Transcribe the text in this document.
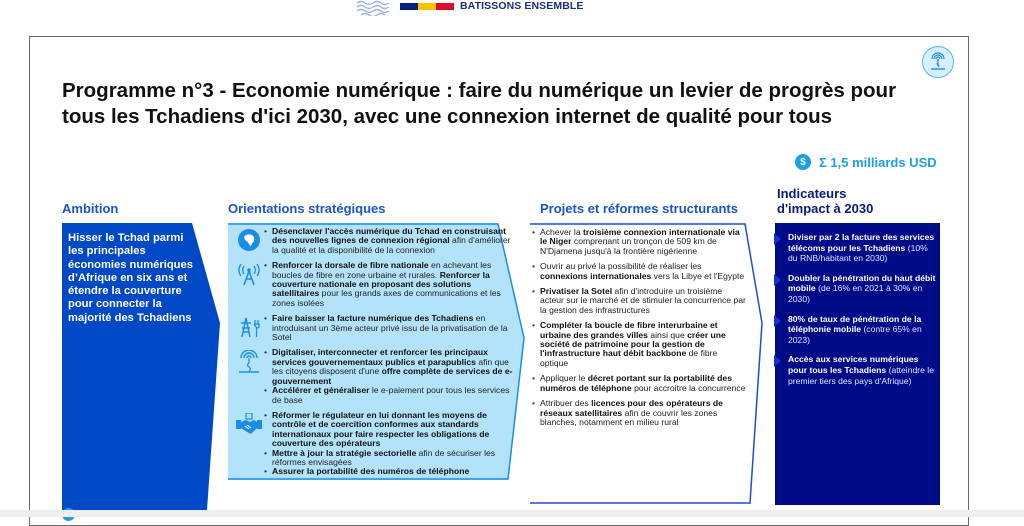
BATISSONS ENSEMBLE
Programme n°3 - Economie numérique : faire du numérique un levier de progrès pour
tous les Tchadiens d'ici 2030, avec une connexion internet de qualité pour tous
$	Σ 1,5 milliards USD
Ambition	Orientations stratégiques	Projets et réformes structurants
Indicateurs
d'impact à 2030
Hisser le Tchad parmi les principales économies numériques d’Afrique en six ans et étendre la couverture pour connecter la majorité des Tchadiens
• Désenclaver l'accès numérique du Tchad en construisant des nouvelles lignes de connexion régional afin d'améliorer la qualité et la disponibilité de la connexion
• Renforcer la dorsale de fibre nationale en achevant les boucles de fibre en zone urbaine et rurales. Renforcer la couverture nationale en proposant des solutions satellitaires pour les grands axes de communications et les zones isolées
• Faire baisser la facture numérique des Tchadiens en introduisant un 3ème acteur privé issu de la privatisation de la Sotel
• Digitaliser, interconnecter et renforcer les principaux services gouvernementaux publics et parapublics afin que les citoyens disposent d'une offre complète de services de e-gouvernement
• Accélérer et généraliser le e-paiement pour tous les services de base
• Réformer le régulateur en lui donnant les moyens de contrôle et de coercition conformes aux standards internationaux pour faire respecter les obligations de couverture des opérateurs
• Mettre à jour la stratégie sectorielle afin de sécuriser les réformes envisagées
• Assurer la portabilité des numéros de téléphone
• Achever la troisième connexion internationale via le Niger comprenant un tronçon de 509 km de N'Djamena jusqu'à la frontière nigérienne
• Ouvrir au privé la possibilité de réaliser les connexions internationales vers la Libye et l'Egypte
• Privatiser la Sotel afin d'introduire un troisième acteur sur le marché et de stimuler la concurrence par la gestion des infrastructures
• Compléter la boucle de fibre interurbaine et urbaine des grandes villes ainsi que créer une société de patrimoine pour la gestion de l'infrastructure haut débit backbone de fibre optique
• Appliquer le décret portant sur la portabilité des numéros de téléphone pour accroitre la concurrence
• Attribuer des licences pour des opérateurs de réseaux satellitaires afin de couvrir les zones blanches, notamment en milieu rural
Diviser par 2 la facture des services télécoms pour les Tchadiens (10% du RNB/habitant en 2030)
Doubler la pénétration du haut débit mobile (de 16% en 2021 à 30% en 2030)
80% de taux de pénétration de la téléphonie mobile (contre 65% en 2023)
Accès aux services numériques pour tous les Tchadiens (atteindre le premier tiers des pays d'Afrique)
